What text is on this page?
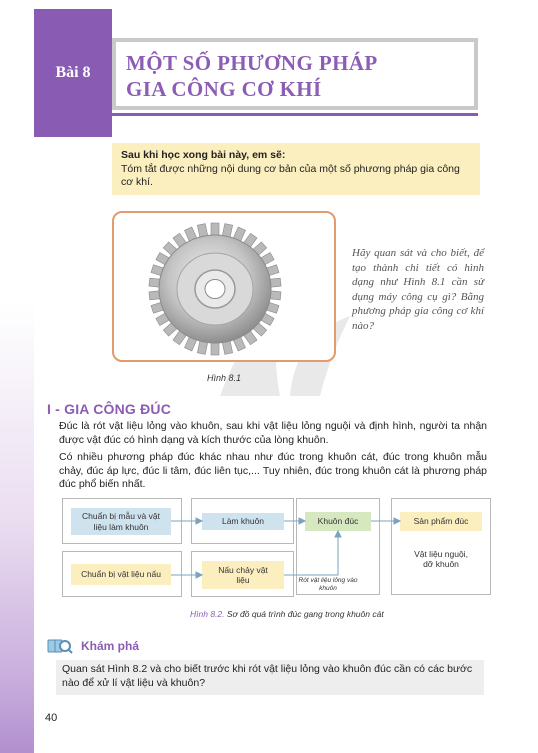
Bài 8 MỘT SỐ PHƯƠNG PHÁP
GIA CÔNG CƠ KHÍ
Sau khi học xong bài này, em sẽ:
Tóm tắt được những nội dung cơ bản của một số phương pháp gia công cơ khí.
Hình 8.1
Hãy quan sát và cho biết, để tạo thành chi tiết có hình dạng như Hình 8.1 cần sử dụng máy công cụ gì? Bằng phương pháp gia công cơ khí nào?
I - GIA CÔNG ĐÚC
Đúc là rót vật liệu lỏng vào khuôn, sau khi vật liệu lỏng nguội và định hình, người ta nhận được vật đúc có hình dạng và kích thước của lòng khuôn.
Có nhiều phương pháp đúc khác nhau như đúc trong khuôn cát, đúc trong khuôn mẫu chảy, đúc áp lực, đúc li tâm, đúc liên tục,... Tuy nhiên, đúc trong khuôn cát là phương pháp đúc phổ biến nhất.
Chuẩn bị mẫu và vật liệu làm khuôn
Làm khuôn	Khuôn đúc	Sản phẩm đúc
Chuẩn bị vật liệu nấu	Nấu chảy vật liệu
Vật liệu nguội, dỡ khuôn
Rót vật liệu lỏng vào khuôn
Hình 8.2. Sơ đồ quá trình đúc gang trong khuôn cát
Khám phá
Quan sát Hình 8.2 và cho biết trước khi rót vật liệu lỏng vào khuôn đúc cần có các bước nào để xử lí vật liệu và khuôn?
40
